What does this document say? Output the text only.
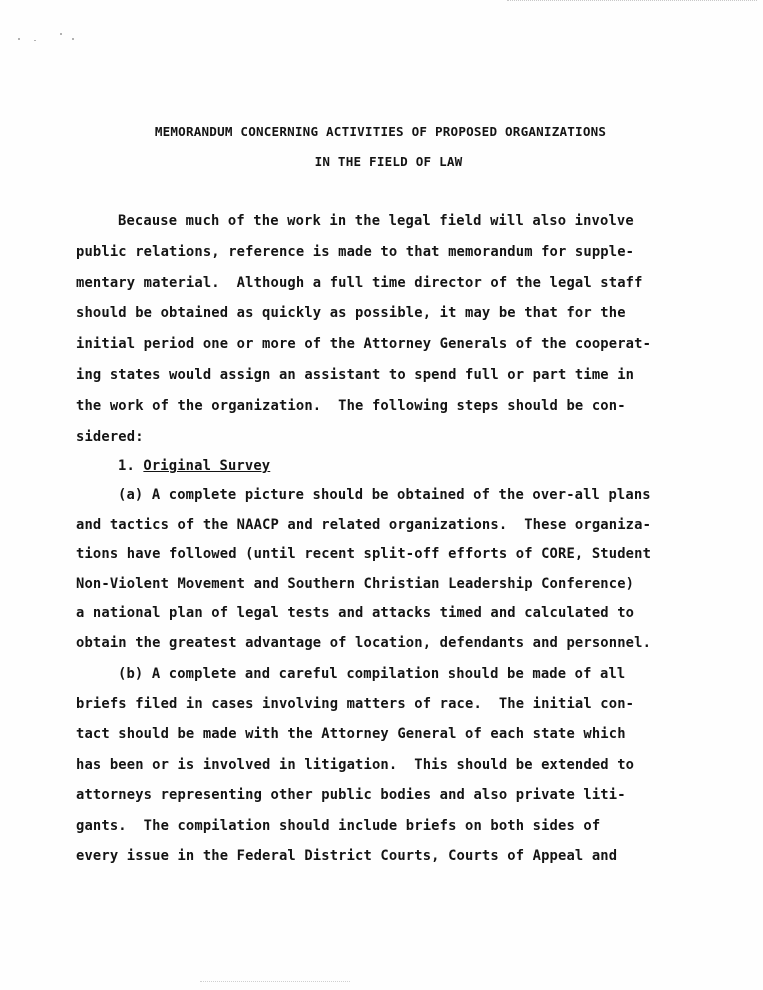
MEMORANDUM CONCERNING ACTIVITIES OF PROPOSED ORGANIZATIONS
IN THE FIELD OF LAW
Because much of the work in the legal field will also involve
public relations, reference is made to that memorandum for supple-
mentary material.  Although a full time director of the legal staff
should be obtained as quickly as possible, it may be that for the
initial period one or more of the Attorney Generals of the cooperat-
ing states would assign an assistant to spend full or part time in
the work of the organization.  The following steps should be con-
sidered:
1. Original Survey
(a) A complete picture should be obtained of the over-all plans
and tactics of the NAACP and related organizations.  These organiza-
tions have followed (until recent split-off efforts of CORE, Student
Non-Violent Movement and Southern Christian Leadership Conference)
a national plan of legal tests and attacks timed and calculated to
obtain the greatest advantage of location, defendants and personnel.
(b) A complete and careful compilation should be made of all
briefs filed in cases involving matters of race.  The initial con-
tact should be made with the Attorney General of each state which
has been or is involved in litigation.  This should be extended to
attorneys representing other public bodies and also private liti-
gants.  The compilation should include briefs on both sides of
every issue in the Federal District Courts, Courts of Appeal and
